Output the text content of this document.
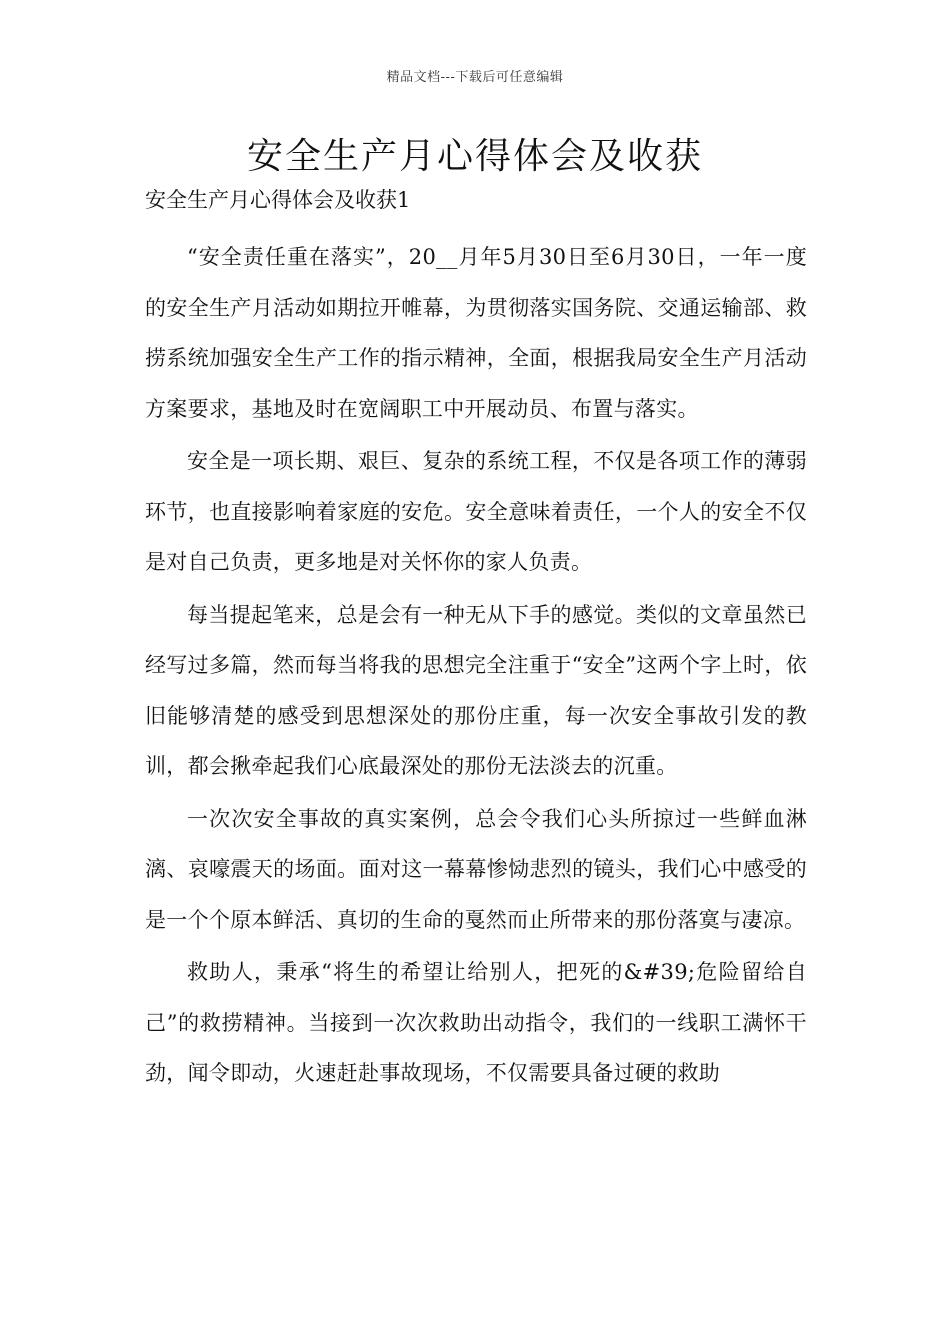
精品文档---下载后可任意编辑
安全生产月心得体会及收获

安全生产月心得体会及收获1

“安全责任重在落实”，20__月年5月30日至6月30日，一年一度的安全生产月活动如期拉开帷幕，为贯彻落实国务院、交通运输部、救捞系统加强安全生产工作的指示精神，全面，根据我局安全生产月活动方案要求，基地及时在宽阔职工中开展动员、布置与落实。

安全是一项长期、艰巨、复杂的系统工程，不仅是各项工作的薄弱环节，也直接影响着家庭的安危。安全意味着责任，一个人的安全不仅是对自己负责，更多地是对关怀你的家人负责。

每当提起笔来，总是会有一种无从下手的感觉。类似的文章虽然已经写过多篇，然而每当将我的思想完全注重于“安全”这两个字上时，依旧能够清楚的感受到思想深处的那份庄重，每一次安全事故引发的教训，都会揪牵起我们心底最深处的那份无法淡去的沉重。

一次次安全事故的真实案例，总会令我们心头所掠过一些鲜血淋漓、哀嚎震天的场面。面对这一幕幕惨恸悲烈的镜头，我们心中感受的是一个个原本鲜活、真切的生命的戛然而止所带来的那份落寞与凄凉。

救助人，秉承“将生的希望让给别人，把死的&#39;危险留给自己”的救捞精神。当接到一次次救助出动指令，我们的一线职工满怀干劲，闻令即动，火速赶赴事故现场，不仅需要具备过硬的救助
